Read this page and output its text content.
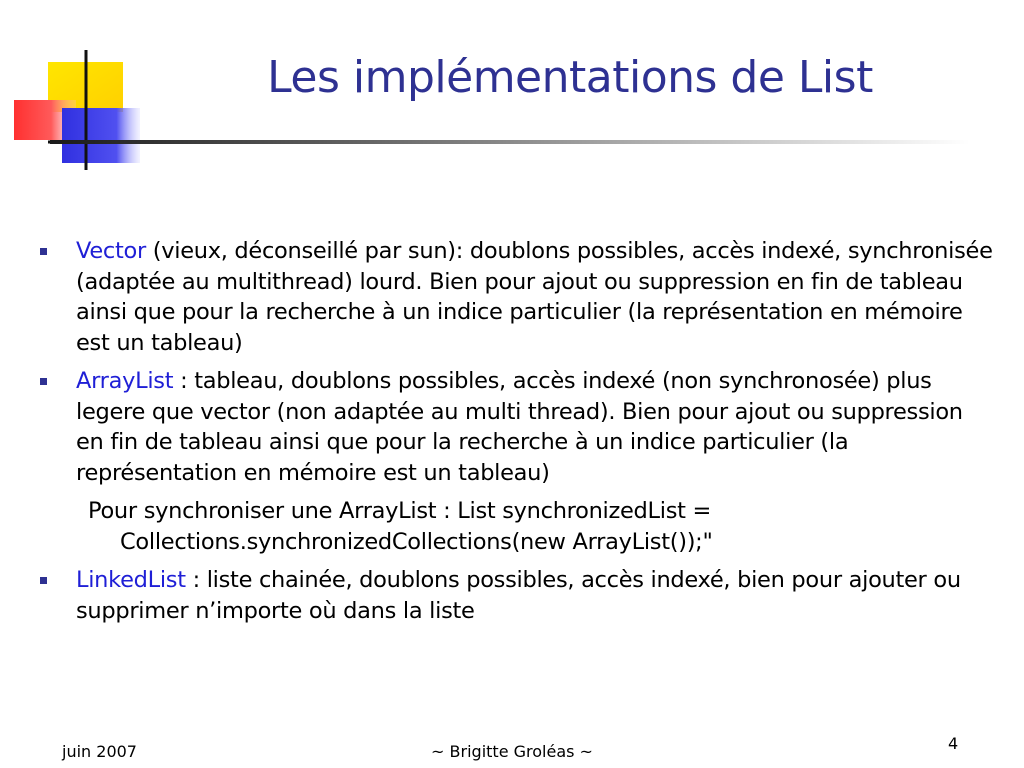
Les implémentations de List
Vector (vieux, déconseillé par sun): doublons possibles, accès indexé, synchronisée (adaptée au multithread) lourd. Bien pour ajout ou suppression en fin de tableau ainsi que pour la recherche à un indice particulier (la représentation en mémoire est un tableau)
ArrayList : tableau, doublons possibles, accès indexé (non synchronosée) plus legere que vector (non adaptée au multi thread). Bien pour ajout ou suppression en fin de tableau ainsi que pour la recherche à un indice particulier (la représentation en mémoire est un tableau)
Pour synchroniser une ArrayList : List synchronizedList =
Collections.synchronizedCollections(new ArrayList());"
LinkedList : liste chainée, doublons possibles, accès indexé, bien pour ajouter ou supprimer n’importe où dans la liste
juin 2007	~ Brigitte Groléas ~	4
